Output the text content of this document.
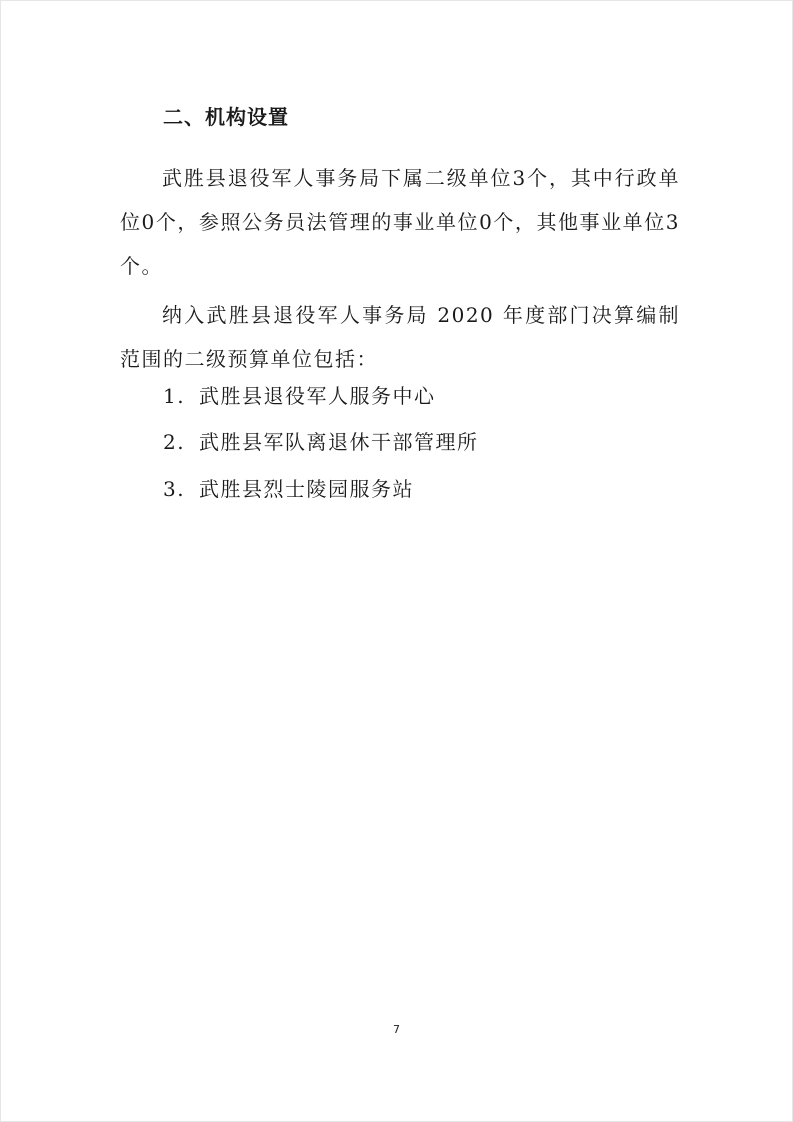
二、机构设置

武胜县退役军人事务局下属二级单位3个，其中行政单位0个，参照公务员法管理的事业单位0个，其他事业单位3个。

纳入武胜县退役军人事务局 2020 年度部门决算编制范围的二级预算单位包括：

1. 武胜县退役军人服务中心
2. 武胜县军队离退休干部管理所
3. 武胜县烈士陵园服务站
7
